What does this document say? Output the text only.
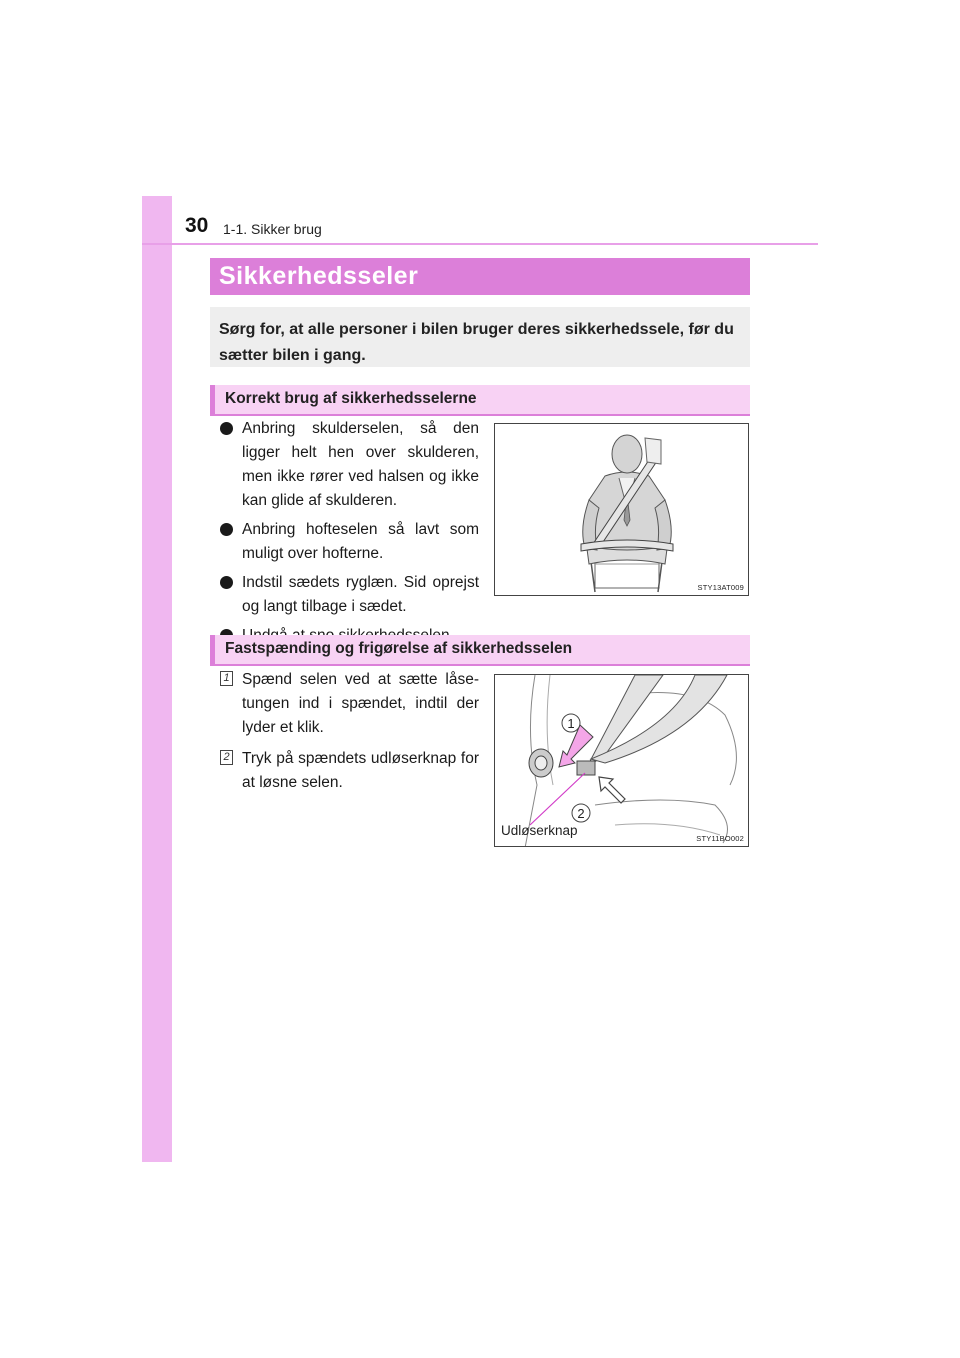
30 1-1. Sikker brug
Sikkerhedsseler

Sørg for, at alle personer i bilen bruger deres sikkerhedssele, før du sætter bilen i gang.

Korrekt brug af sikkerhedsselerne
Anbring skulderselen, så den ligger helt hen over skulderen, men ikke rører ved halsen og ikke kan glide af skulderen.
Anbring hofteselen så lavt som muligt over hofterne.
Indstil sædets ryglæn. Sid oprejst og langt tilbage i sædet.
STY13AT009
Fastspænding og frigørelse af sikkerhedsselen
1 Spænd selen ved at sætte låse-tungen ind i spændet, indtil der lyder et klik.
2 Tryk på spændets udløserknap for at løsne selen.
1
2
Udløserknap
STY11BO002
